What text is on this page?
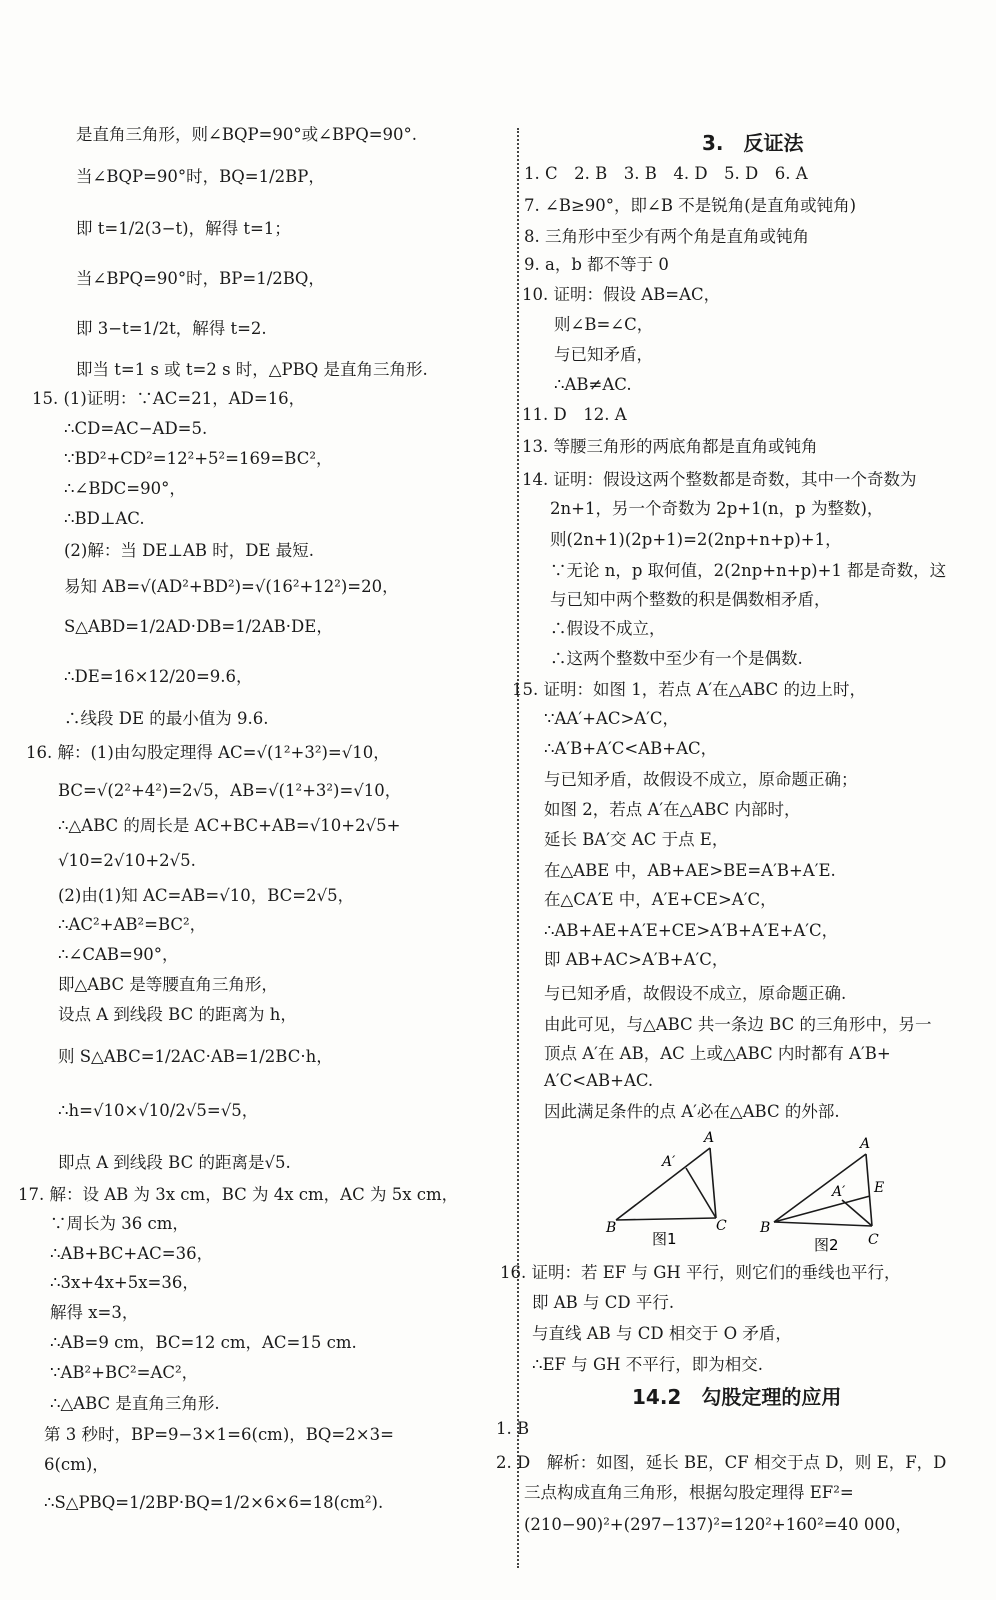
是直角三角形，则∠BQP=90°或∠BPQ=90°.
当∠BQP=90°时，BQ=1/2BP，
即 t=1/2(3−t)，解得 t=1；
当∠BPQ=90°时，BP=1/2BQ，
即 3−t=1/2t，解得 t=2.
即当 t=1 s 或 t=2 s 时，△PBQ 是直角三角形.
15. (1)证明：∵AC=21，AD=16，
∴CD=AC−AD=5.
∵BD²+CD²=12²+5²=169=BC²，
∴∠BDC=90°，
∴BD⊥AC.
(2)解：当 DE⊥AB 时，DE 最短.
易知 AB=√(AD²+BD²)=√(16²+12²)=20，
S△ABD=1/2AD·DB=1/2AB·DE，
∴DE=16×12/20=9.6，
∴线段 DE 的最小值为 9.6.
16. 解：(1)由勾股定理得 AC=√(1²+3²)=√10，
BC=√(2²+4²)=2√5，AB=√(1²+3²)=√10，
∴△ABC 的周长是 AC+BC+AB=√10+2√5+
√10=2√10+2√5.
(2)由(1)知 AC=AB=√10，BC=2√5，
∴AC²+AB²=BC²，
∴∠CAB=90°，
即△ABC 是等腰直角三角形，
设点 A 到线段 BC 的距离为 h，
则 S△ABC=1/2AC·AB=1/2BC·h，
∴h=√10×√10/2√5=√5，
即点 A 到线段 BC 的距离是√5.
17. 解：设 AB 为 3x cm，BC 为 4x cm，AC 为 5x cm，
∵周长为 36 cm，
∴AB+BC+AC=36，
∴3x+4x+5x=36，
解得 x=3，
∴AB=9 cm，BC=12 cm，AC=15 cm.
∵AB²+BC²=AC²，
∴△ABC 是直角三角形.
第 3 秒时，BP=9−3×1=6(cm)，BQ=2×3=
6(cm)，
∴S△PBQ=1/2BP·BQ=1/2×6×6=18(cm²).
A
A′
B	C
A
A′ E
B
C
图1	图2
3.　反证法
1. C　2. B　3. B　4. D　5. D　6. A
7. ∠B≥90°，即∠B 不是锐角(是直角或钝角)
8. 三角形中至少有两个角是直角或钝角
9. a，b 都不等于 0
10. 证明：假设 AB=AC，
则∠B=∠C，
与已知矛盾，
∴AB≠AC.
11. D　12. A
13. 等腰三角形的两底角都是直角或钝角
14. 证明：假设这两个整数都是奇数，其中一个奇数为
2n+1，另一个奇数为 2p+1(n，p 为整数)，
则(2n+1)(2p+1)=2(2np+n+p)+1，
∵无论 n，p 取何值，2(2np+n+p)+1 都是奇数，这
与已知中两个整数的积是偶数相矛盾，
∴假设不成立，
∴这两个整数中至少有一个是偶数.
15. 证明：如图 1，若点 A′在△ABC 的边上时，
∵AA′+AC>A′C，
∴A′B+A′C<AB+AC，
与已知矛盾，故假设不成立，原命题正确；
如图 2，若点 A′在△ABC 内部时，
延长 BA′交 AC 于点 E，
在△ABE 中，AB+AE>BE=A′B+A′E.
在△CA′E 中，A′E+CE>A′C，
∴AB+AE+A′E+CE>A′B+A′E+A′C，
即 AB+AC>A′B+A′C，
与已知矛盾，故假设不成立，原命题正确.
由此可见，与△ABC 共一条边 BC 的三角形中，另一
顶点 A′在 AB，AC 上或△ABC 内时都有 A′B+
A′C<AB+AC.
因此满足条件的点 A′必在△ABC 的外部.
16. 证明：若 EF 与 GH 平行，则它们的垂线也平行，
即 AB 与 CD 平行.
与直线 AB 与 CD 相交于 O 矛盾，
∴EF 与 GH 不平行，即为相交.
14.2　勾股定理的应用
1. B
2. D　解析：如图，延长 BE，CF 相交于点 D，则 E，F，D
三点构成直角三角形，根据勾股定理得 EF²=
(210−90)²+(297−137)²=120²+160²=40 000，
